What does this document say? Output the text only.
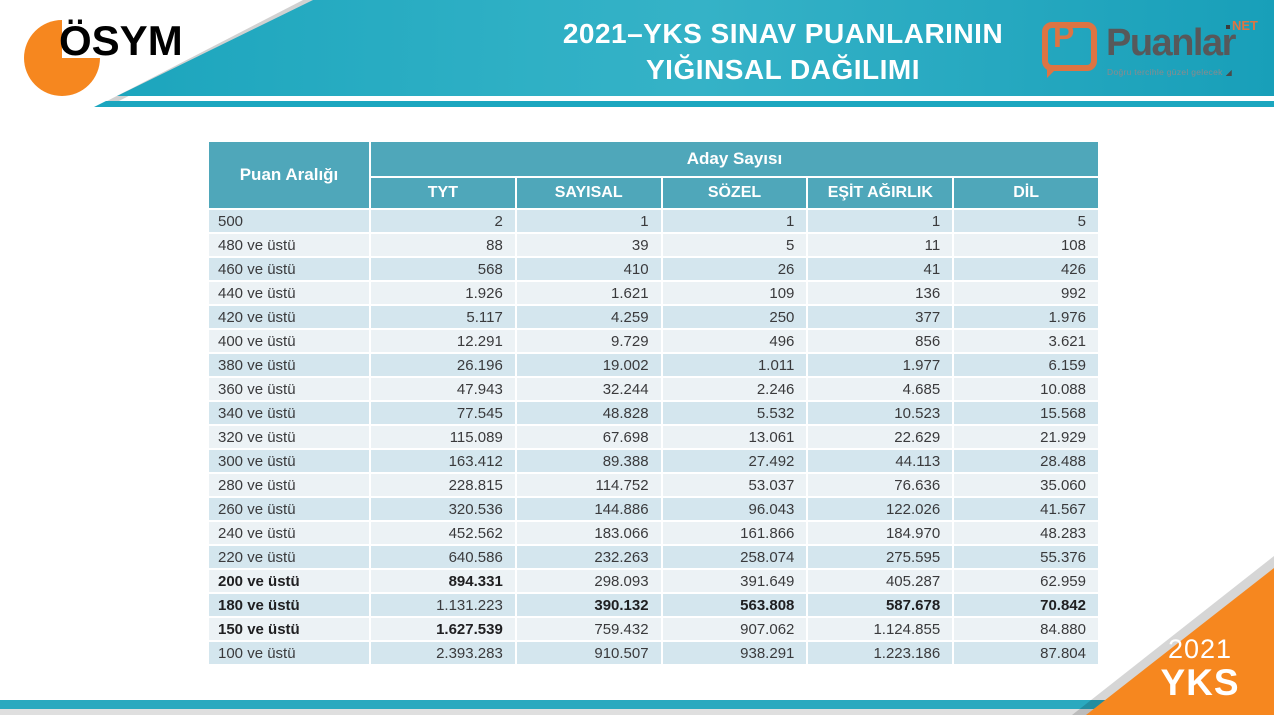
2021–YKS SINAV PUANLARININ
YIĞINSAL DAĞILIMI
ÖSYM	P Puanlar
NET
Doğru tercihle güzel gelecek ◢
Puan Aralığı	Aday Sayısı				
	TYT	SAYISAL	SÖZEL	EŞİT AĞIRLIK	DİL
500	2	1	1	1	5
480 ve üstü	88	39	5	11	108
460 ve üstü	568	410	26	41	426
440 ve üstü	1.926	1.621	109	136	992
420 ve üstü	5.117	4.259	250	377	1.976
400 ve üstü	12.291	9.729	496	856	3.621
380 ve üstü	26.196	19.002	1.011	1.977	6.159
360 ve üstü	47.943	32.244	2.246	4.685	10.088
340 ve üstü	77.545	48.828	5.532	10.523	15.568
320 ve üstü	115.089	67.698	13.061	22.629	21.929
300 ve üstü	163.412	89.388	27.492	44.113	28.488
280 ve üstü	228.815	114.752	53.037	76.636	35.060
260 ve üstü	320.536	144.886	96.043	122.026	41.567
240 ve üstü	452.562	183.066	161.866	184.970	48.283
220 ve üstü	640.586	232.263	258.074	275.595	55.376
200 ve üstü	894.331	298.093	391.649	405.287	62.959
180 ve üstü	1.131.223	390.132	563.808	587.678	70.842
150 ve üstü	1.627.539	759.432	907.062	1.124.855	84.880
100 ve üstü	2.393.283	910.507	938.291	1.223.186	87.804	2021
YKS
